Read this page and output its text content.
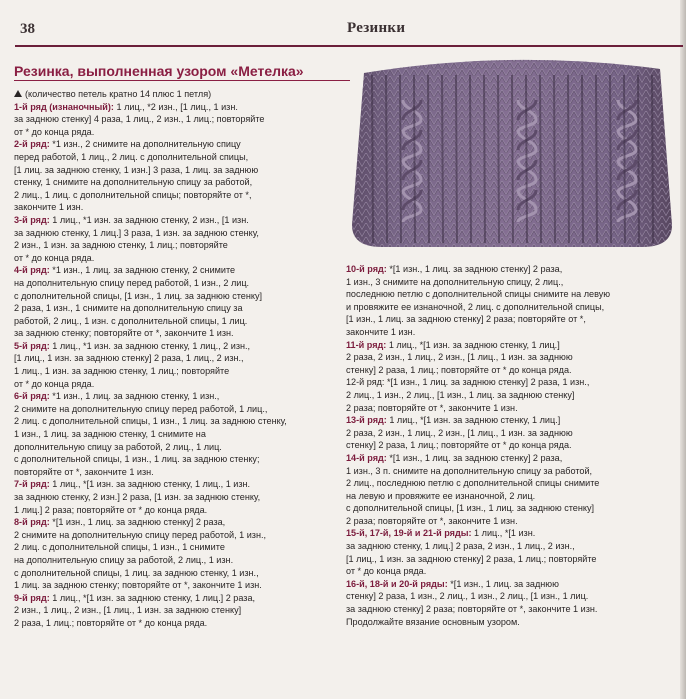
38	Резинки
Резинка, выполненная узором «Метелка»
(количество петель кратно 14 плюс 1 петля)
1-й ряд (изнаночный): 1 лиц., *2 изн., [1 лиц., 1 изн.
за заднюю стенку] 4 раза, 1 лиц., 2 изн., 1 лиц.; повторяйте
от * до конца ряда.
2-й ряд: *1 изн., 2 снимите на дополнительную спицу
перед работой, 1 лиц., 2 лиц. с дополнительной спицы,
[1 лиц. за заднюю стенку, 1 изн.] 3 раза, 1 лиц. за заднюю
стенку, 1 снимите на дополнительную спицу за работой,
2 лиц., 1 лиц. с дополнительной спицы; повторяйте от *,
закончите 1 изн.
3-й ряд: 1 лиц., *1 изн. за заднюю стенку, 2 изн., [1 изн.
за заднюю стенку, 1 лиц.] 3 раза, 1 изн. за заднюю стенку,
2 изн., 1 изн. за заднюю стенку, 1 лиц.; повторяйте
от * до конца ряда.
4-й ряд: *1 изн., 1 лиц. за заднюю стенку, 2 снимите
на дополнительную спицу перед работой, 1 изн., 2 лиц.
с дополнительной спицы, [1 изн., 1 лиц. за заднюю стенку]
2 раза, 1 изн., 1 снимите на дополнительную спицу за
работой, 2 лиц., 1 изн. с дополнительной спицы, 1 лиц.
за заднюю стенку; повторяйте от *, закончите 1 изн.
5-й ряд: 1 лиц., *1 изн. за заднюю стенку, 1 лиц., 2 изн.,
[1 лиц., 1 изн. за заднюю стенку] 2 раза, 1 лиц., 2 изн.,
1 лиц., 1 изн. за заднюю стенку, 1 лиц.; повторяйте
от * до конца ряда.
6-й ряд: *1 изн., 1 лиц. за заднюю стенку, 1 изн.,
2 снимите на дополнительную спицу перед работой, 1 лиц.,
2 лиц. с дополнительной спицы, 1 изн., 1 лиц. за заднюю стенку,
1 изн., 1 лиц. за заднюю стенку, 1 снимите на
дополнительную спицу за работой, 2 лиц., 1 лиц.
с дополнительной спицы, 1 изн., 1 лиц. за заднюю стенку;
повторяйте от *, закончите 1 изн.
7-й ряд: 1 лиц., *[1 изн. за заднюю стенку, 1 лиц., 1 изн.
за заднюю стенку, 2 изн.] 2 раза, [1 изн. за заднюю стенку,
1 лиц.] 2 раза; повторяйте от * до конца ряда.
8-й ряд: *[1 изн., 1 лиц. за заднюю стенку] 2 раза,
2 снимите на дополнительную спицу перед работой, 1 изн.,
2 лиц. с дополнительной спицы, 1 изн., 1 снимите
на дополнительную спицу за работой, 2 лиц., 1 изн.
с дополнительной спицы, 1 лиц. за заднюю стенку, 1 изн.,
1 лиц. за заднюю стенку; повторяйте от *, закончите 1 изн.
9-й ряд: 1 лиц., *[1 изн. за заднюю стенку, 1 лиц.] 2 раза,
2 изн., 1 лиц., 2 изн., [1 лиц., 1 изн. за заднюю стенку]
2 раза, 1 лиц.; повторяйте от * до конца ряда.
10-й ряд: *[1 изн., 1 лиц. за заднюю стенку] 2 раза,
1 изн., 3 снимите на дополнительную спицу, 2 лиц.,
последнюю петлю с дополнительной спицы снимите на левую
и провяжите ее изнаночной, 2 лиц. с дополнительной спицы,
[1 изн., 1 лиц. за заднюю стенку] 2 раза; повторяйте от *,
закончите 1 изн.
11-й ряд: 1 лиц., *[1 изн. за заднюю стенку, 1 лиц.]
2 раза, 2 изн., 1 лиц., 2 изн., [1 лиц., 1 изн. за заднюю
стенку] 2 раза, 1 лиц.; повторяйте от * до конца ряда.
12-й ряд: *[1 изн., 1 лиц. за заднюю стенку] 2 раза, 1 изн.,
2 лиц., 1 изн., 2 лиц., [1 изн., 1 лиц. за заднюю стенку]
2 раза; повторяйте от *, закончите 1 изн.
13-й ряд: 1 лиц., *[1 изн. за заднюю стенку, 1 лиц.]
2 раза, 2 изн., 1 лиц., 2 изн., [1 лиц., 1 изн. за заднюю
стенку] 2 раза, 1 лиц.; повторяйте от * до конца ряда.
14-й ряд: *[1 изн., 1 лиц. за заднюю стенку] 2 раза,
1 изн., 3 п. снимите на дополнительную спицу за работой,
2 лиц., последнюю петлю с дополнительной спицы снимите
на левую и провяжите ее изнаночной, 2 лиц.
с дополнительной спицы, [1 изн., 1 лиц. за заднюю стенку]
2 раза; повторяйте от *, закончите 1 изн.
15-й, 17-й, 19-й и 21-й ряды: 1 лиц., *[1 изн.
за заднюю стенку, 1 лиц.] 2 раза, 2 изн., 1 лиц., 2 изн.,
[1 лиц., 1 изн. за заднюю стенку] 2 раза, 1 лиц.; повторяйте
от * до конца ряда.
16-й, 18-й и 20-й ряды: *[1 изн., 1 лиц. за заднюю
стенку] 2 раза, 1 изн., 2 лиц., 1 изн., 2 лиц., [1 изн., 1 лиц.
за заднюю стенку] 2 раза; повторяйте от *, закончите 1 изн.
Продолжайте вязание основным узором.
